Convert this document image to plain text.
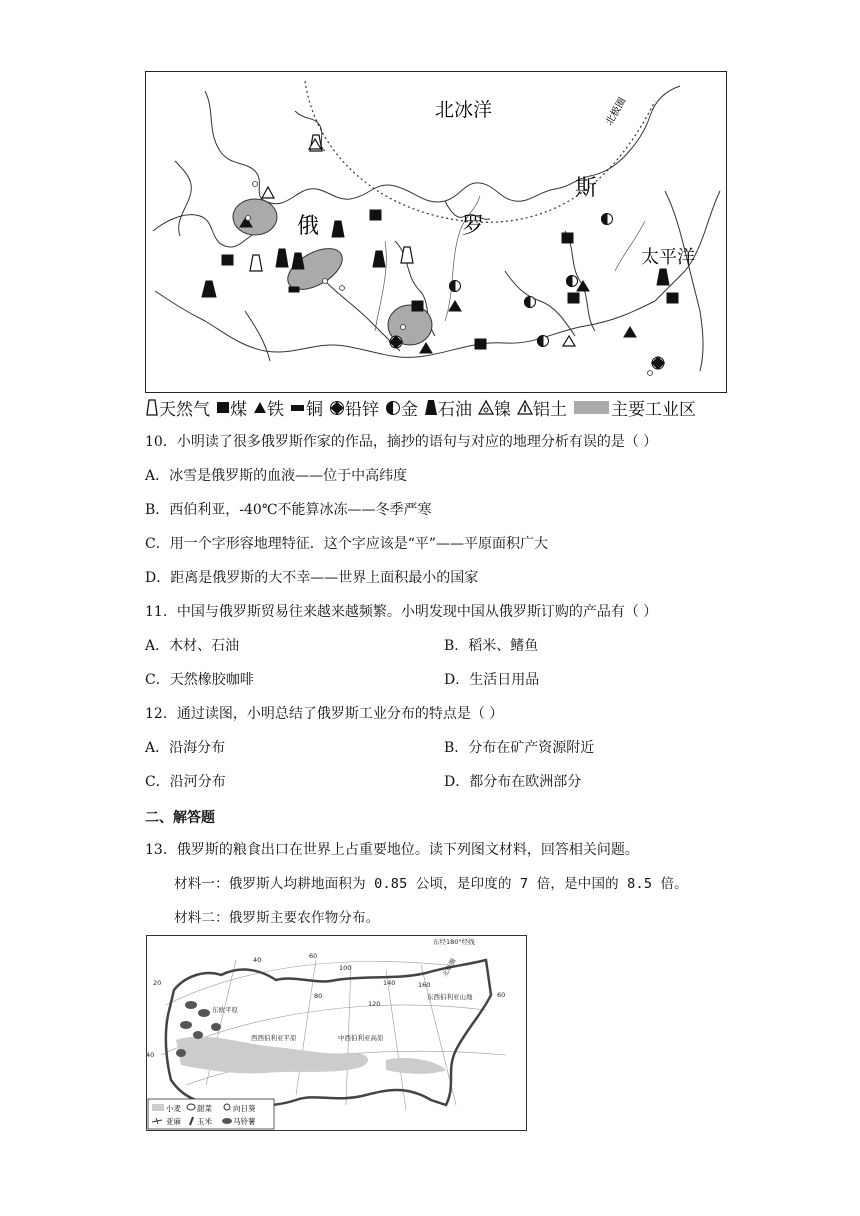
北冰洋
太平洋
北极圈
俄	罗
斯
天然气 煤 铁 铜 铅锌 金 石油 镍 铝土	主要工业区
10．小明读了很多俄罗斯作家的作品，摘抄的语句与对应的地理分析有误的是（ ）
A．冰雪是俄罗斯的血液——位于中高纬度
B．西伯利亚，-40℃不能算冰冻——冬季严寒
C．用一个字形容地理特征．这个字应该是“平”——平原面积广大
D．距离是俄罗斯的大不幸——世界上面积最小的国家
11．中国与俄罗斯贸易往来越来越频繁。小明发现中国从俄罗斯订购的产品有（ ）
A．木材、石油	B．稻米、鳍鱼
C．天然橡胶咖啡	D．生活日用品
12．通过读图，小明总结了俄罗斯工业分布的特点是（ ）
A．沿海分布	B．分布在矿产资源附近
C．沿河分布	D．都分布在欧洲部分
二、解答题
13．俄罗斯的粮食出口在世界上占重要地位。读下列图文材料，回答相关问题。
材料一：俄罗斯人均耕地面积为 0.85 公顷，是印度的 7 倍，是中国的 8.5 倍。
材料二：俄罗斯主要农作物分布。
东经180°经线
北极圈
东西伯利亚山地
东欧平原
西西伯利亚平原	中西伯利亚高原
20
40	60
80
100
120
140	160
60
40
小麦 甜菜	向日葵
亚麻 玉米	马铃薯
